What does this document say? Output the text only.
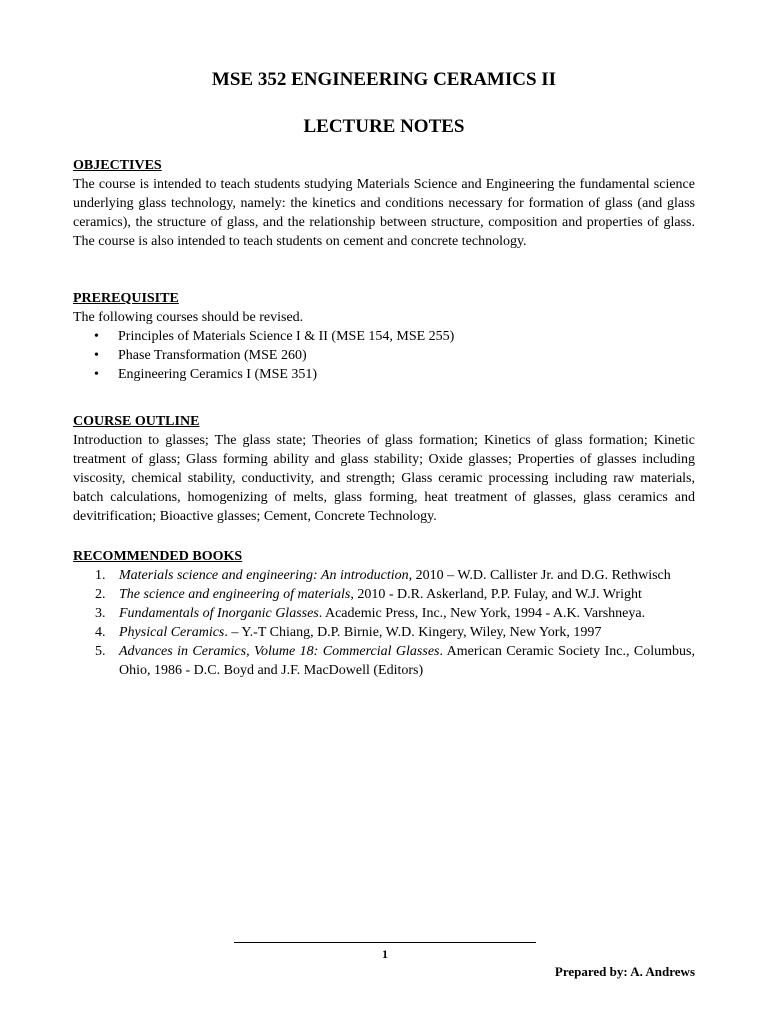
MSE 352 ENGINEERING CERAMICS II
LECTURE NOTES
OBJECTIVES

The course is intended to teach students studying Materials Science and Engineering the fundamental science underlying glass technology, namely: the kinetics and conditions necessary for formation of glass (and glass ceramics), the structure of glass, and the relationship between structure, composition and properties of glass. The course is also intended to teach students on cement and concrete technology.

PREREQUISITE

The following courses should be revised.

• Principles of Materials Science I & II (MSE 154, MSE 255)
• Phase Transformation (MSE 260)
• Engineering Ceramics I (MSE 351)
COURSE OUTLINE

Introduction to glasses; The glass state; Theories of glass formation; Kinetics of glass formation; Kinetic treatment of glass; Glass forming ability and glass stability; Oxide glasses; Properties of glasses including viscosity, chemical stability, conductivity, and strength; Glass ceramic processing including raw materials, batch calculations, homogenizing of melts, glass forming, heat treatment of glasses, glass ceramics and devitrification; Bioactive glasses; Cement, Concrete Technology.

RECOMMENDED BOOKS
1. Materials science and engineering: An introduction, 2010 – W.D. Callister Jr. and D.G. Rethwisch
2. The science and engineering of materials, 2010 - D.R. Askerland, P.P. Fulay, and W.J. Wright
3. Fundamentals of Inorganic Glasses. Academic Press, Inc., New York, 1994 - A.K. Varshneya.
4. Physical Ceramics. – Y.-T Chiang, D.P. Birnie, W.D. Kingery, Wiley, New York, 1997
5. Advances in Ceramics, Volume 18: Commercial Glasses. American Ceramic Society Inc., Columbus, Ohio, 1986 - D.C. Boyd and J.F. MacDowell (Editors)
1
Prepared by: A. Andrews
